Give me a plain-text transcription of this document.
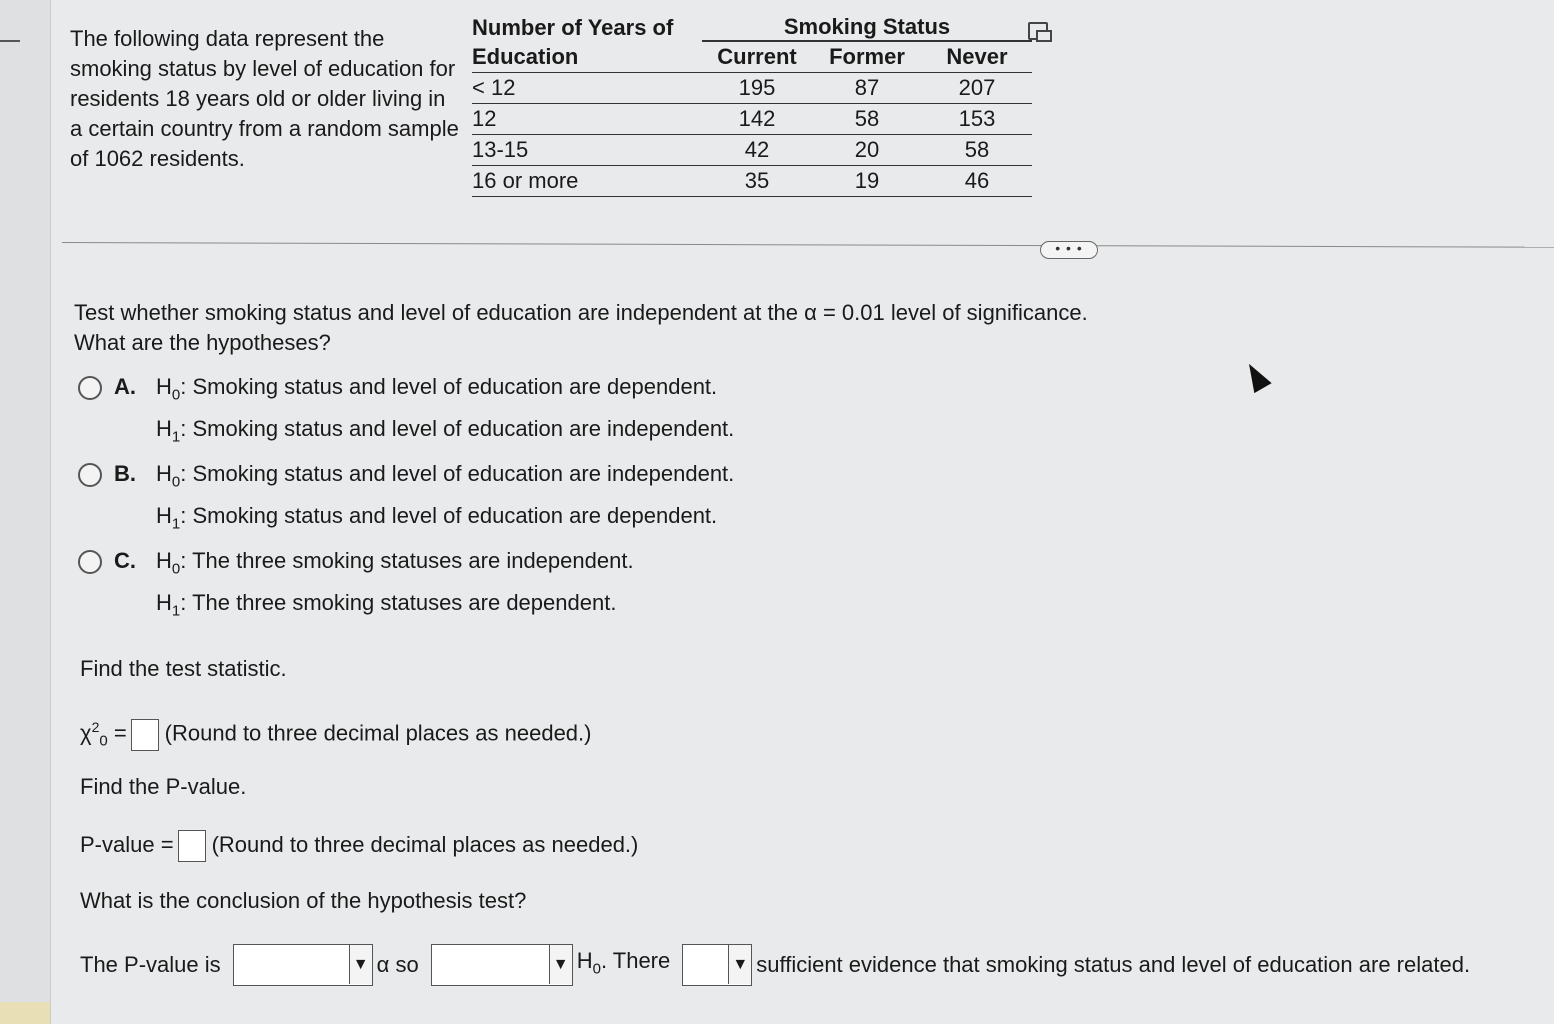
The following data represent the smoking status by level of education for residents 18 years old or older living in a certain country from a random sample of 1062 residents.
Number of Years of	Smoking Status		
Education	Current	Former	Never
< 12	195	87	207
12	142	58	153
13-15	42	20	58
16 or more	35	19	46
• • •
Test whether smoking status and level of education are independent at the α = 0.01 level of significance.
What are the hypotheses?
A. $H_0$: Smoking status and level of education are dependent.
$H_1$: Smoking status and level of education are independent.
B. $H_0$: Smoking status and level of education are independent.
$H_1$: Smoking status and level of education are dependent.
C. $H_0$: The three smoking statuses are independent.
$H_1$: The three smoking statuses are dependent.
Find the test statistic.
$\chi^2_0$ = (Round to three decimal places as needed.)
Find the P-value.
P-value = (Round to three decimal places as needed.)
What is the conclusion of the hypothesis test?
The P-value is	▼ α so	▼ $H_0$. There	▼ sufficient evidence that smoking status and level of education are related.
